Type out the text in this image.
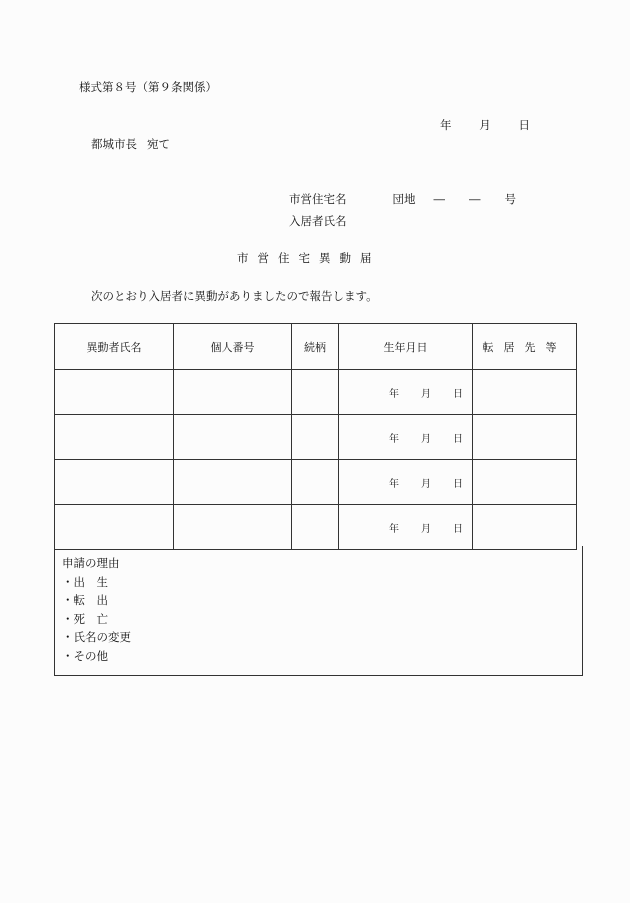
様式第８号（第９条関係）
年 月 日
都城市長 宛て
市営住宅名	団地 ― ― 号
入居者氏名
市営住宅異動届
次のとおり入居者に異動がありましたので報告します。
異動者氏名	個人番号	続柄	生年月日	転居先等

			年 月 日	

			年 月 日	

			年 月 日	

			年 月 日	

申請の理由
・出　生
・転　出
・死　亡
・氏名の変更
・その他
